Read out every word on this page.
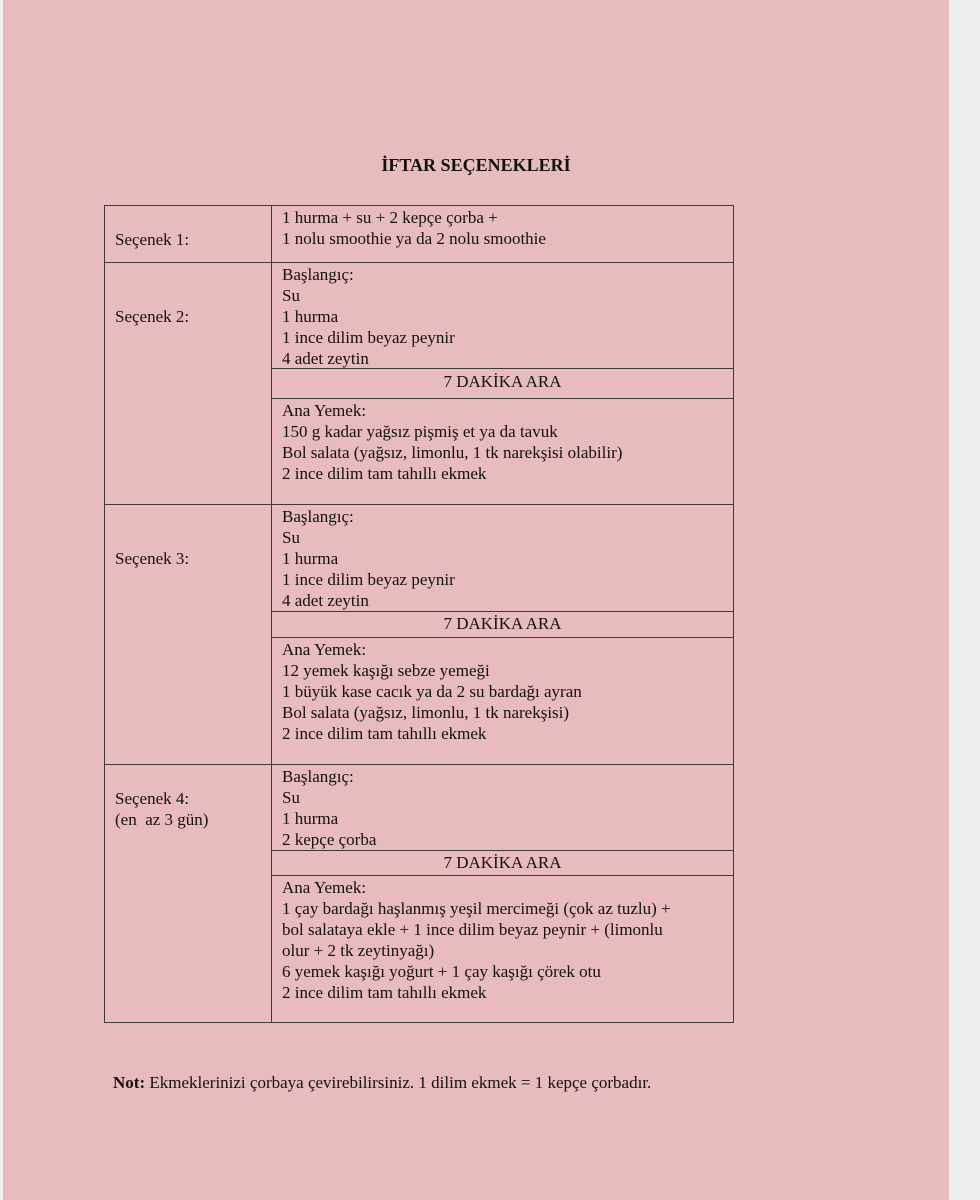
İFTAR SEÇENEKLERİ
Seçenek 1:
1 hurma + su + 2 kepçe çorba +
1 nolu smoothie ya da 2 nolu smoothie
Seçenek 2:
Başlangıç:
Su
1 hurma
1 ince dilim beyaz peynir
4 adet zeytin
7 DAKİKA ARA
Ana Yemek:
150 g kadar yağsız pişmiş et ya da tavuk
Bol salata (yağsız, limonlu, 1 tk narekşisi olabilir)
2 ince dilim tam tahıllı ekmek
Seçenek 3:
Başlangıç:
Su
1 hurma
1 ince dilim beyaz peynir
4 adet zeytin
7 DAKİKA ARA
Ana Yemek:
12 yemek kaşığı sebze yemeği
1 büyük kase cacık ya da 2 su bardağı ayran
Bol salata (yağsız, limonlu, 1 tk narekşisi)
2 ince dilim tam tahıllı ekmek
Seçenek 4:
(en  az 3 gün)
Başlangıç:
Su
1 hurma
2 kepçe çorba
7 DAKİKA ARA
Ana Yemek:
1 çay bardağı haşlanmış yeşil mercimeği (çok az tuzlu) +
bol salataya ekle + 1 ince dilim beyaz peynir + (limonlu
olur + 2 tk zeytinyağı)
6 yemek kaşığı yoğurt + 1 çay kaşığı çörek otu
2 ince dilim tam tahıllı ekmek
Not: Ekmeklerinizi çorbaya çevirebilirsiniz. 1 dilim ekmek = 1 kepçe çorbadır.
